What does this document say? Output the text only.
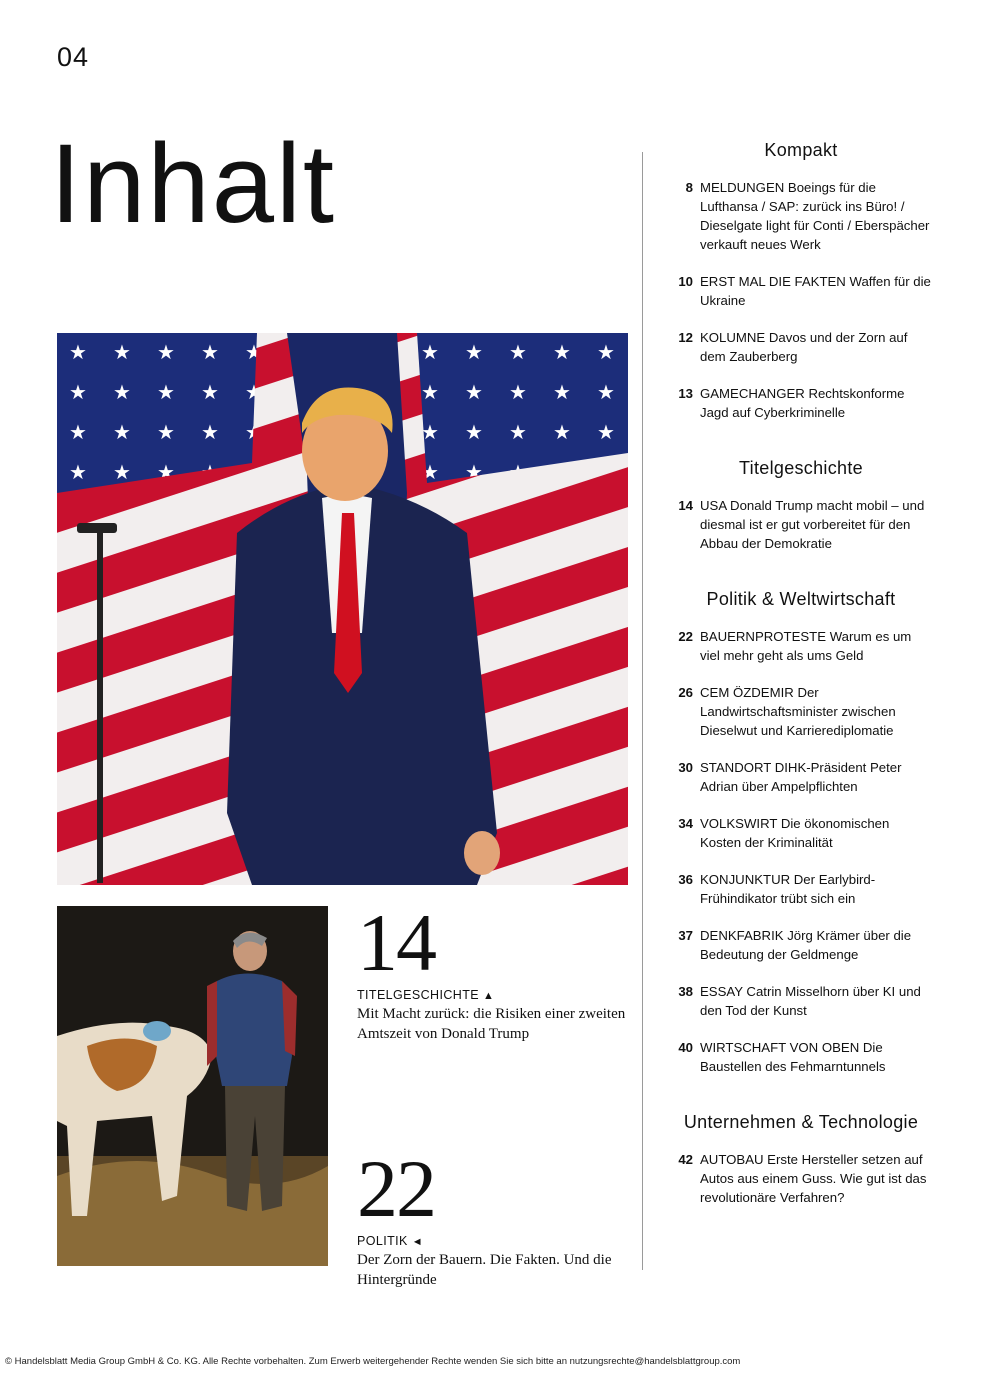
04
Inhalt
14
TITELGESCHICHTE ▲
Mit Macht zurück: die Risiken einer zweiten Amtszeit von Donald Trump
22
POLITIK ◄
Der Zorn der Bauern. Die Fakten. Und die Hintergründe
Kompakt
8 MELDUNGEN Boeings für die Lufthansa / SAP: zurück ins Büro! / Dieselgate light für Conti / Eberspächer verkauft neues Werk
10 ERST MAL DIE FAKTEN Waffen für die Ukraine
12 KOLUMNE Davos und der Zorn auf dem Zauberberg
13 GAMECHANGER Rechtskonforme Jagd auf Cyberkriminelle
Titelgeschichte
14 USA Donald Trump macht mobil – und diesmal ist er gut vorbereitet für den Abbau der Demokratie
Politik & Weltwirtschaft
22 BAUERNPROTESTE Warum es um viel mehr geht als ums Geld
26 CEM ÖZDEMIR Der Landwirtschaftsminister zwischen Dieselwut und Karrierediplomatie
30 STANDORT DIHK-Präsident Peter Adrian über Ampelpflichten
34 VOLKSWIRT Die ökonomischen Kosten der Kriminalität
36 KONJUNKTUR Der Earlybird-Frühindikator trübt sich ein
37 DENKFABRIK Jörg Krämer über die Bedeutung der Geldmenge
38 ESSAY Catrin Misselhorn über KI und den Tod der Kunst
40 WIRTSCHAFT VON OBEN Die Baustellen des Fehmarntunnels
Unternehmen & Technologie
42 AUTOBAU Erste Hersteller setzen auf Autos aus einem Guss. Wie gut ist das revolutionäre Verfahren?
© Handelsblatt Media Group GmbH & Co. KG. Alle Rechte vorbehalten. Zum Erwerb weitergehender Rechte wenden Sie sich bitte an nutzungsrechte@handelsblattgroup.com
